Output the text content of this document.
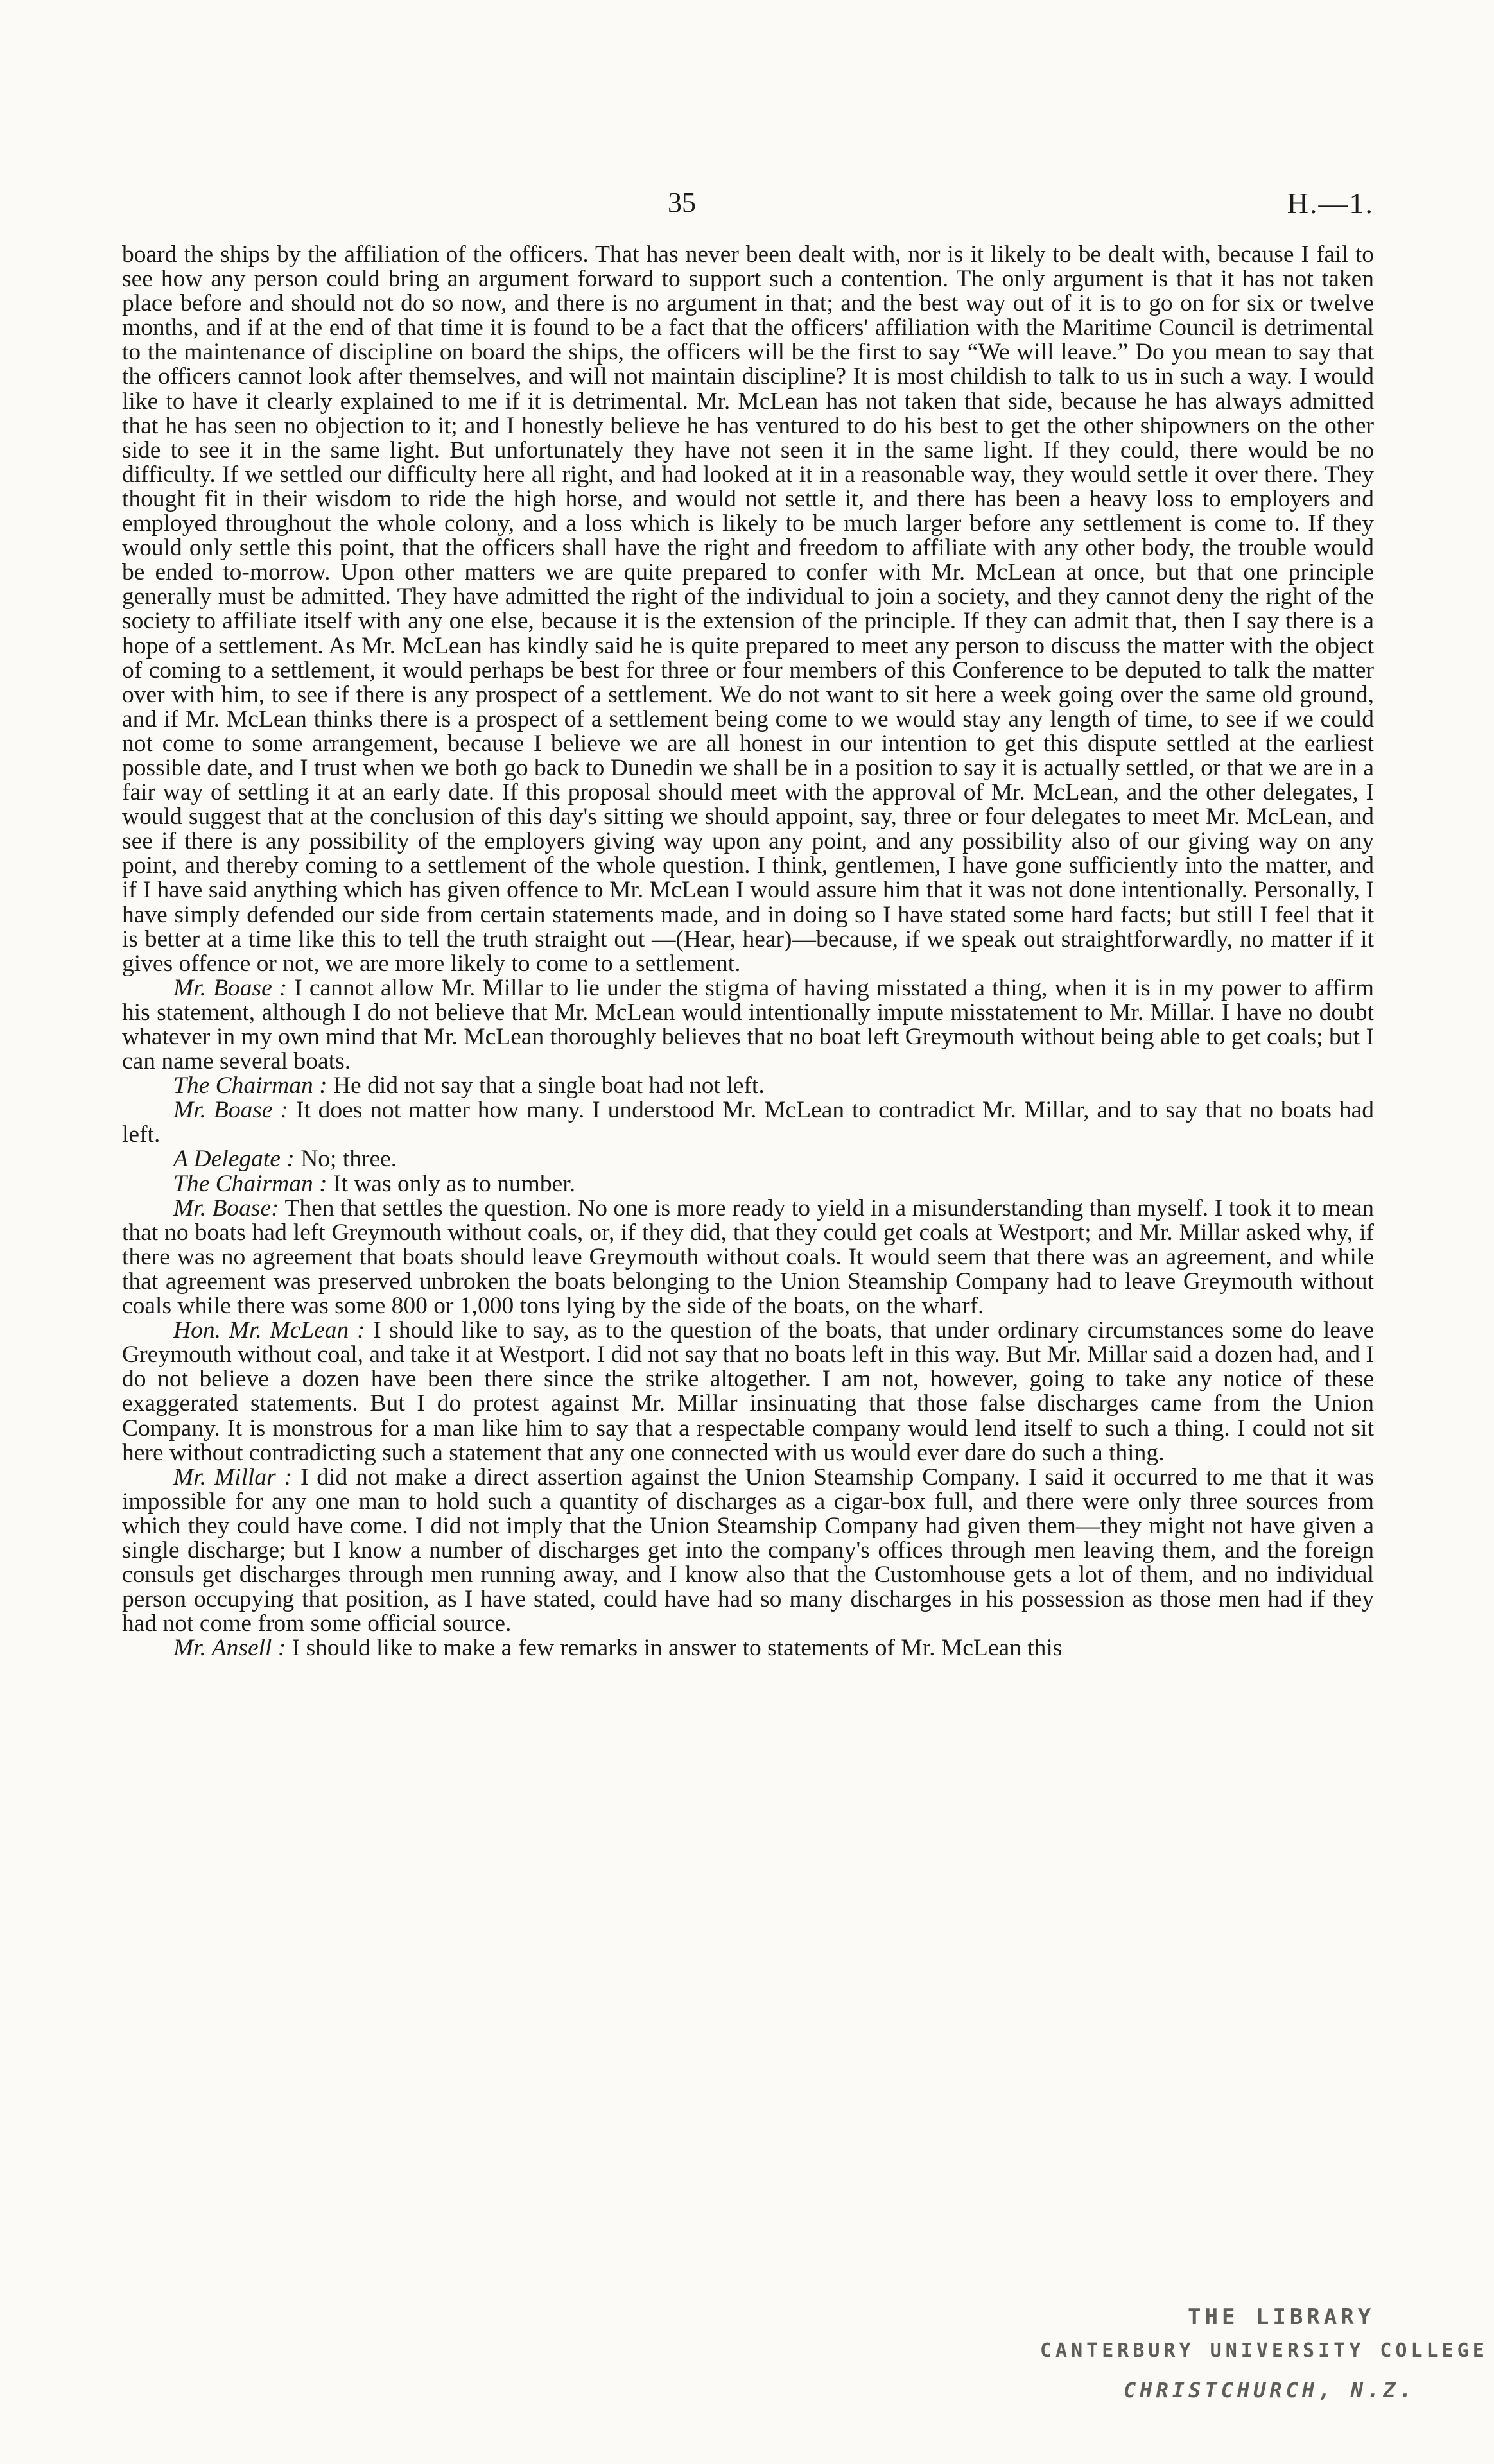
35	H.—1.

board the ships by the affiliation of the officers. That has never been dealt with, nor is it likely to be dealt with, because I fail to see how any person could bring an argument forward to support such a contention. The only argument is that it has not taken place before and should not do so now, and there is no argument in that; and the best way out of it is to go on for six or twelve months, and if at the end of that time it is found to be a fact that the officers' affiliation with the Maritime Council is detrimental to the maintenance of discipline on board the ships, the officers will be the first to say “We will leave.” Do you mean to say that the officers cannot look after themselves, and will not maintain discipline? It is most childish to talk to us in such a way. I would like to have it clearly explained to me if it is detrimental. Mr. McLean has not taken that side, because he has always admitted that he has seen no objection to it; and I honestly believe he has ventured to do his best to get the other shipowners on the other side to see it in the same light. But unfortunately they have not seen it in the same light. If they could, there would be no difficulty. If we settled our difficulty here all right, and had looked at it in a reasonable way, they would settle it over there. They thought fit in their wisdom to ride the high horse, and would not settle it, and there has been a heavy loss to employers and employed throughout the whole colony, and a loss which is likely to be much larger before any settlement is come to. If they would only settle this point, that the officers shall have the right and freedom to affiliate with any other body, the trouble would be ended to-morrow. Upon other matters we are quite prepared to confer with Mr. McLean at once, but that one principle generally must be admitted. They have admitted the right of the individual to join a society, and they cannot deny the right of the society to affiliate itself with any one else, because it is the extension of the principle. If they can admit that, then I say there is a hope of a settlement. As Mr. McLean has kindly said he is quite prepared to meet any person to discuss the matter with the object of coming to a settlement, it would perhaps be best for three or four members of this Conference to be deputed to talk the matter over with him, to see if there is any prospect of a settlement. We do not want to sit here a week going over the same old ground, and if Mr. McLean thinks there is a prospect of a settlement being come to we would stay any length of time, to see if we could not come to some arrangement, because I believe we are all honest in our intention to get this dispute settled at the earliest possible date, and I trust when we both go back to Dunedin we shall be in a position to say it is actually settled, or that we are in a fair way of settling it at an early date. If this proposal should meet with the approval of Mr. McLean, and the other delegates, I would suggest that at the conclusion of this day's sitting we should appoint, say, three or four delegates to meet Mr. McLean, and see if there is any possibility of the employers giving way upon any point, and any possibility also of our giving way on any point, and thereby coming to a settlement of the whole question. I think, gentlemen, I have gone sufficiently into the matter, and if I have said anything which has given offence to Mr. McLean I would assure him that it was not done intentionally. Personally, I have simply defended our side from certain statements made, and in doing so I have stated some hard facts; but still I feel that it is better at a time like this to tell the truth straight out —(Hear, hear)—because, if we speak out straightforwardly, no matter if it gives offence or not, we are more likely to come to a settlement.

Mr. Boase : I cannot allow Mr. Millar to lie under the stigma of having misstated a thing, when it is in my power to affirm his statement, although I do not believe that Mr. McLean would intentionally impute misstatement to Mr. Millar. I have no doubt whatever in my own mind that Mr. McLean thoroughly believes that no boat left Greymouth without being able to get coals; but I can name several boats.

The Chairman : He did not say that a single boat had not left.

Mr. Boase : It does not matter how many. I understood Mr. McLean to contradict Mr. Millar, and to say that no boats had left.

A Delegate : No; three.

The Chairman : It was only as to number.

Mr. Boase: Then that settles the question. No one is more ready to yield in a misunderstanding than myself. I took it to mean that no boats had left Greymouth without coals, or, if they did, that they could get coals at Westport; and Mr. Millar asked why, if there was no agreement that boats should leave Greymouth without coals. It would seem that there was an agreement, and while that agreement was preserved unbroken the boats belonging to the Union Steamship Company had to leave Greymouth without coals while there was some 800 or 1,000 tons lying by the side of the boats, on the wharf.

Hon. Mr. McLean : I should like to say, as to the question of the boats, that under ordinary circumstances some do leave Greymouth without coal, and take it at Westport. I did not say that no boats left in this way. But Mr. Millar said a dozen had, and I do not believe a dozen have been there since the strike altogether. I am not, however, going to take any notice of these exaggerated statements. But I do protest against Mr. Millar insinuating that those false discharges came from the Union Company. It is monstrous for a man like him to say that a respectable company would lend itself to such a thing. I could not sit here without contradicting such a statement that any one connected with us would ever dare do such a thing.

Mr. Millar : I did not make a direct assertion against the Union Steamship Company. I said it occurred to me that it was impossible for any one man to hold such a quantity of discharges as a cigar-box full, and there were only three sources from which they could have come. I did not imply that the Union Steamship Company had given them—they might not have given a single discharge; but I know a number of discharges get into the company's offices through men leaving them, and the foreign consuls get discharges through men running away, and I know also that the Customhouse gets a lot of them, and no individual person occupying that position, as I have stated, could have had so many discharges in his possession as those men had if they had not come from some official source.

Mr. Ansell : I should like to make a few remarks in answer to statements of Mr. McLean this

THE LIBRARY
CANTERBURY UNIVERSITY COLLEGE
CHRISTCHURCH, N.Z.
